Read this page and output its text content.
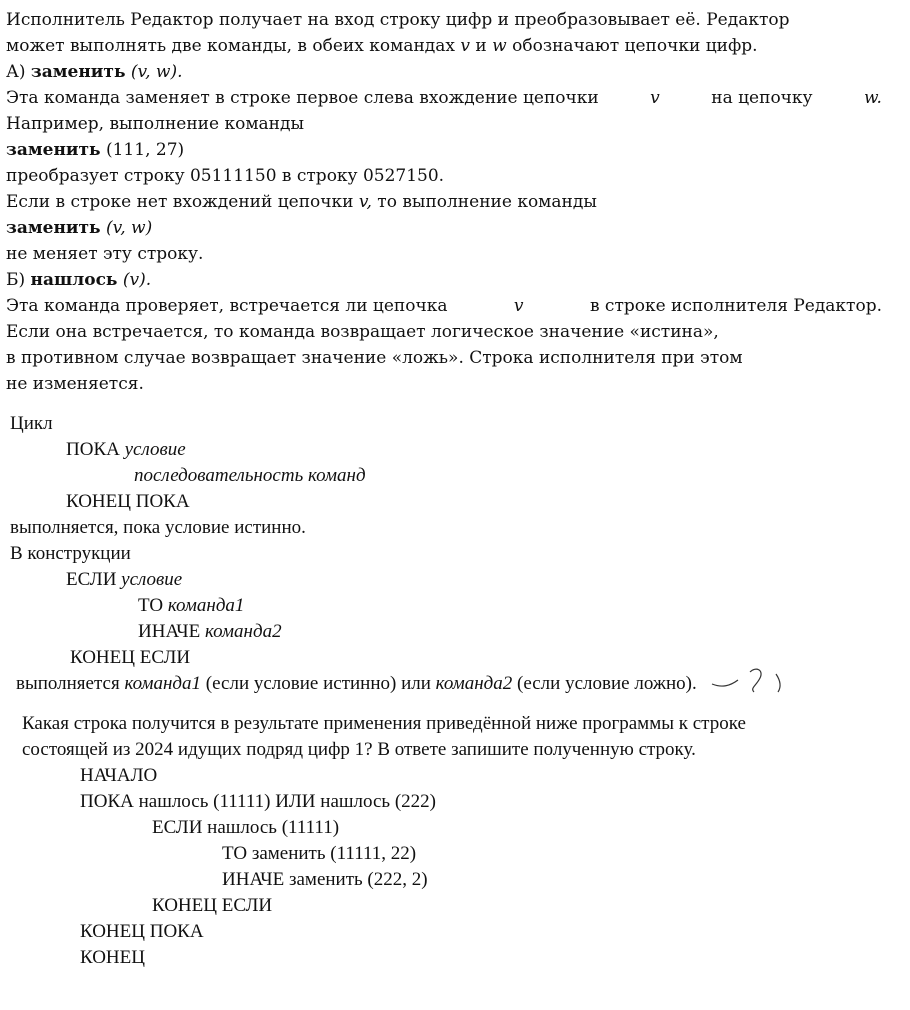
Исполнитель Редактор получает на вход строку цифр и преобразовывает её. Редактор
может выполнять две команды, в обеих командах v и w обозначают цепочки цифр.
А) заменить (v, w).
Эта команда заменяет в строке первое слева вхождение цепочки	v	на цепочку	w.
Например, выполнение команды
заменить (111, 27)
преобразует строку 05111150 в строку 0527150.
Если в строке нет вхождений цепочки v, то выполнение команды
заменить (v, w)
не меняет эту строку.
Б) нашлось (v).
Эта команда проверяет, встречается ли цепочка	v	в строке исполнителя Редактор.
Если она встречается, то команда возвращает логическое значение «истина»,
в противном случае возвращает значение «ложь». Строка исполнителя при этом
не изменяется.
Цикл
ПОКА условие
последовательность команд
КОНЕЦ ПОКА
выполняется, пока условие истинно.
В конструкции
ЕСЛИ условие
ТО команда1
ИНАЧЕ команда2
КОНЕЦ ЕСЛИ
выполняется команда1 (если условие истинно) или команда2 (если условие ложно).
Какая строка получится в результате применения приведённой ниже программы к строке
состоящей из 2024 идущих подряд цифр 1? В ответе запишите полученную строку.
НАЧАЛО
ПОКА нашлось (11111) ИЛИ нашлось (222)
ЕСЛИ нашлось (11111)
ТО заменить (11111, 22)
ИНАЧЕ заменить (222, 2)
КОНЕЦ ЕСЛИ
КОНЕЦ ПОКА
КОНЕЦ
